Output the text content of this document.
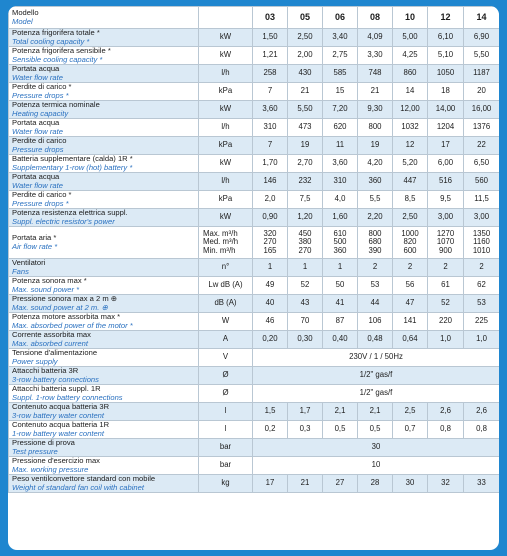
Modello
Model		03	05	06	08	10	12	14

Potenza frigorifera totale *
Total cooling capacity *	kW	1,50	2,50	3,40	4,09	5,00	6,10	6,90

Potenza frigorifera sensibile *
Sensible cooling capacity *	kW	1,21	2,00	2,75	3,30	4,25	5,10	5,50

Portata acqua
Water flow rate	l/h	258	430	585	748	860	1050	1187

Perdite di carico *
Pressure drops *	kPa	7	21	15	21	14	18	20

Potenza termica nominale
Heating capacity	kW	3,60	5,50	7,20	9,30	12,00	14,00	16,00

Portata acqua
Water flow rate	l/h	310	473	620	800	1032	1204	1376

Perdite di carico
Pressure drops	kPa	7	19	11	19	12	17	22

Batteria supplementare (calda) 1R *
Supplementary 1-row (hot) battery *	kW	1,70	2,70	3,60	4,20	5,20	6,00	6,50

Portata acqua
Water flow rate	l/h	146	232	310	360	447	516	560

Perdite di carico *
Pressure drops *	kPa	2,0	7,5	4,0	5,5	8,5	9,5	11,5

Potenza resistenza elettrica suppl.
Suppl. electric resistor's power	kW	0,90	1,20	1,60	2,20	2,50	3,00	3,00

Portata aria *
Air flow rate *	Max. m³/h
Med. m³/h
Min. m³/h	320
270
165	450
380
270	610
500
360	800
680
390	1000
820
600	1270
1070
900	1350
1160
1010

Ventilatori
Fans	n°	1	1	1	2	2	2	2

Potenza sonora max *
Max. sound power *	Lw dB (A)	49	52	50	53	56	61	62

Pressione sonora max a 2 m ⊕
Max. sound power at 2 m. ⊕	dB (A)	40	43	41	44	47	52	53

Potenza motore assorbita max *
Max. absorbed power of the motor *	W	46	70	87	106	141	220	225

Corrente assorbita max
Max. absorbed current	A	0,20	0,30	0,40	0,48	0,64	1,0	1,0

Tensione d'alimentazione
Power supply	V	230V / 1 / 50Hz						

Attacchi batteria 3R
3-row battery connections	Ø	1/2" gas/f						

Attacchi batteria suppl. 1R
Suppl. 1-row battery connections	Ø	1/2" gas/f						

Contenuto acqua batteria 3R
3-row battery water content	l	1,5	1,7	2,1	2,1	2,5	2,6	2,6

Contenuto acqua batteria 1R
1-row battery water content	l	0,2	0,3	0,5	0,5	0,7	0,8	0,8

Pressione di prova
Test pressure	bar	30						

Pressione d'esercizio max
Max. working pressure	bar	10						

Peso ventilconvettore standard con mobile
Weight of standard fan coil with cabinet	kg	17	21	27	28	30	32	33
